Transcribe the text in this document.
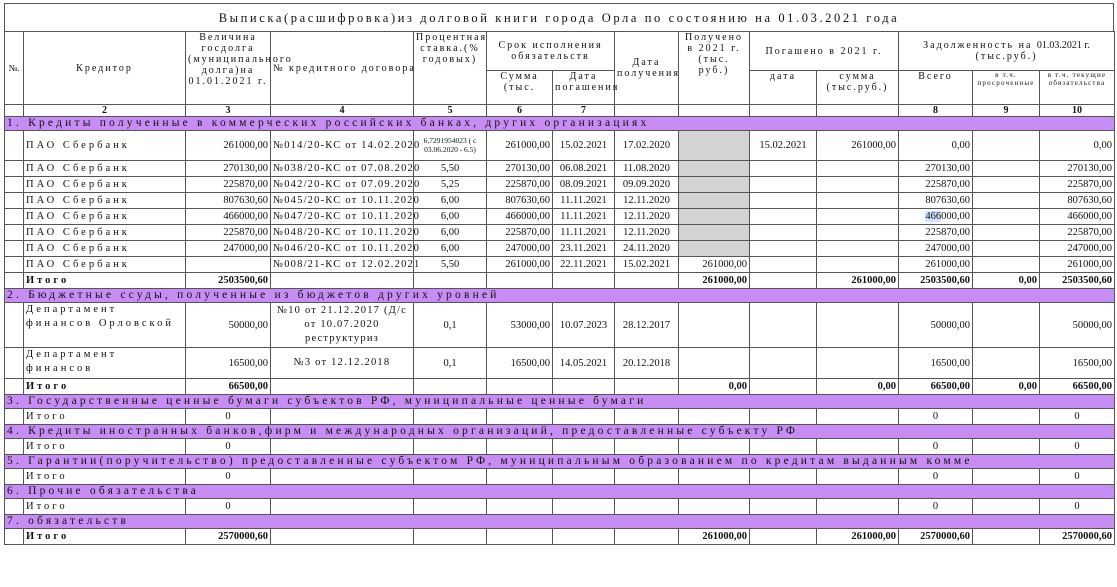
Выписка(расшифровка)из долговой книги города Орла по состоянию на 01.03.2021 года
№.	Кредитор	Величина госдолга (муниципального долга)на 01.01.2021 г.	№ кредитного договора	Процентная ставка.(% годовых)	Срок исполнения обязательств		Дата получения	Получено в 2021 г. (тыс. руб.)	Погашено в 2021 г.		Задолженность на 01.03.2021 г.
(тыс.руб.)		

					Сумма (тыс.	Дата погашения			дата	сумма (тыс.руб.)	Всего	в т.ч. просроченные	в т.ч. текущие обязательства

	2	3	4	5	6	7					8	9	10
1. Кредиты полученные в коммерческих российских банках, других организациях													
	ПАО Сбербанк	261000,00	№014/20-КС от 14.02.2020	6,7291954023 ( с 03.06.2020 - 6.5)	261000,00	15.02.2021	17.02.2020		15.02.2021	261000,00	0,00		0,00
	ПАО Сбербанк	270130,00	№038/20-КС от 07.08.2020	5,50	270130,00	06.08.2021	11.08.2020				270130,00		270130,00
	ПАО Сбербанк	225870,00	№042/20-КС от 07.09.2020	5,25	225870,00	08.09.2021	09.09.2020				225870,00		225870,00
	ПАО Сбербанк	807630,60	№045/20-КС от 10.11.2020	6,00	807630,60	11.11.2021	12.11.2020				807630,60		807630,60
	ПАО Сбербанк	466000,00	№047/20-КС от 10.11.2020	6,00	466000,00	11.11.2021	12.11.2020				466000,00		466000,00
	ПАО Сбербанк	225870,00	№048/20-КС от 10.11.2020	6,00	225870,00	11.11.2021	12.11.2020				225870,00		225870,00
	ПАО Сбербанк	247000,00	№046/20-КС от 10.11.2020	6,00	247000,00	23.11.2021	24.11.2020				247000,00		247000,00
	ПАО Сбербанк		№008/21-КС от 12.02.2021	5,50	261000,00	22.11.2021	15.02.2021	261000,00			261000,00		261000,00
	Итого	2503500,60						261000,00		261000,00	2503500,60	0,00	2503500,60
2. Бюджетные ссуды, полученные из бюджетов других уровней													
	Департамент финансов Орловской	50000,00	№10 от 21.12.2017 (Д/с от 10.07.2020 реструктуриз	0,1	53000,00	10.07.2023	28.12.2017				50000,00		50000,00
	Департамент финансов	16500,00	№3 от 12.12.2018	0,1	16500,00	14.05.2021	20.12.2018				16500,00		16500,00
	Итого	66500,00						0,00		0,00	66500,00	0,00	66500,00
3. Государственные ценные бумаги субъектов РФ, муниципальные ценные бумаги													
	Итого	0									0		0
4. Кредиты иностранных банков,фирм и международных организаций, предоставленные субъекту РФ													
	Итого	0									0		0
5. Гарантии(поручительство) предоставленные субъектом РФ, муниципальным образованием по кредитам выданным комме													
	Итого	0									0		0
6. Прочие обязательства													
	Итого	0									0		0
7. обязательств													
	Итого	2570000,60						261000,00		261000,00	2570000,60		2570000,60
